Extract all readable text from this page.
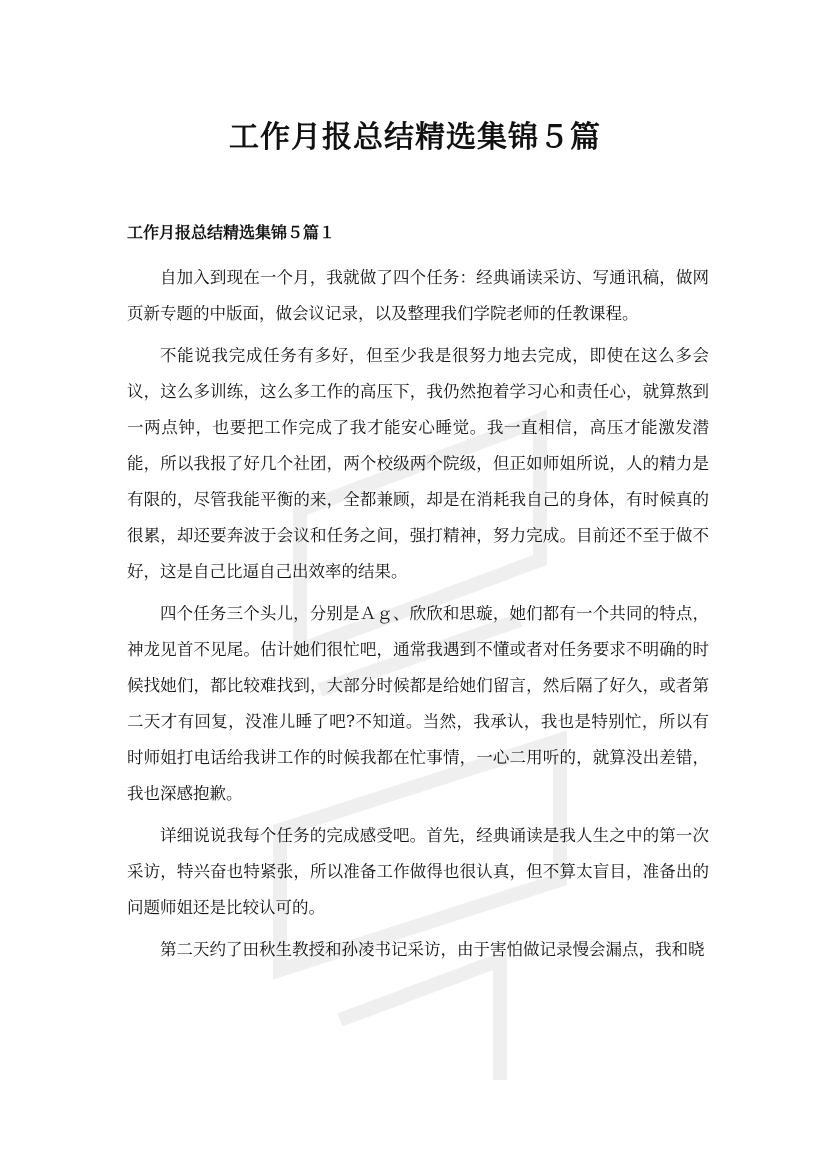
工作月报总结精选集锦５篇
工作月报总结精选集锦５篇１

自加入到现在一个月，我就做了四个任务：经典诵读采访、写通讯稿，做网页新专题的中版面，做会议记录，以及整理我们学院老师的任教课程。

不能说我完成任务有多好，但至少我是很努力地去完成，即使在这么多会议，这么多训练，这么多工作的高压下，我仍然抱着学习心和责任心，就算熬到一两点钟，也要把工作完成了我才能安心睡觉。我一直相信，高压才能激发潜能，所以我报了好几个社团，两个校级两个院级，但正如师姐所说，人的精力是有限的，尽管我能平衡的来，全都兼顾，却是在消耗我自己的身体，有时候真的很累，却还要奔波于会议和任务之间，强打精神，努力完成。目前还不至于做不好，这是自己比逼自己出效率的结果。

四个任务三个头儿，分别是Ａｇ、欣欣和思璇，她们都有一个共同的特点，神龙见首不见尾。估计她们很忙吧，通常我遇到不懂或者对任务要求不明确的时候找她们，都比较难找到，大部分时候都是给她们留言，然后隔了好久，或者第二天才有回复，没准儿睡了吧?不知道。当然，我承认，我也是特别忙，所以有时师姐打电话给我讲工作的时候我都在忙事情，一心二用听的，就算没出差错，我也深感抱歉。

详细说说我每个任务的完成感受吧。首先，经典诵读是我人生之中的第一次采访，特兴奋也特紧张，所以准备工作做得也很认真，但不算太盲目，准备出的问题师姐还是比较认可的。

第二天约了田秋生教授和孙凌书记采访，由于害怕做记录慢会漏点，我和晓
